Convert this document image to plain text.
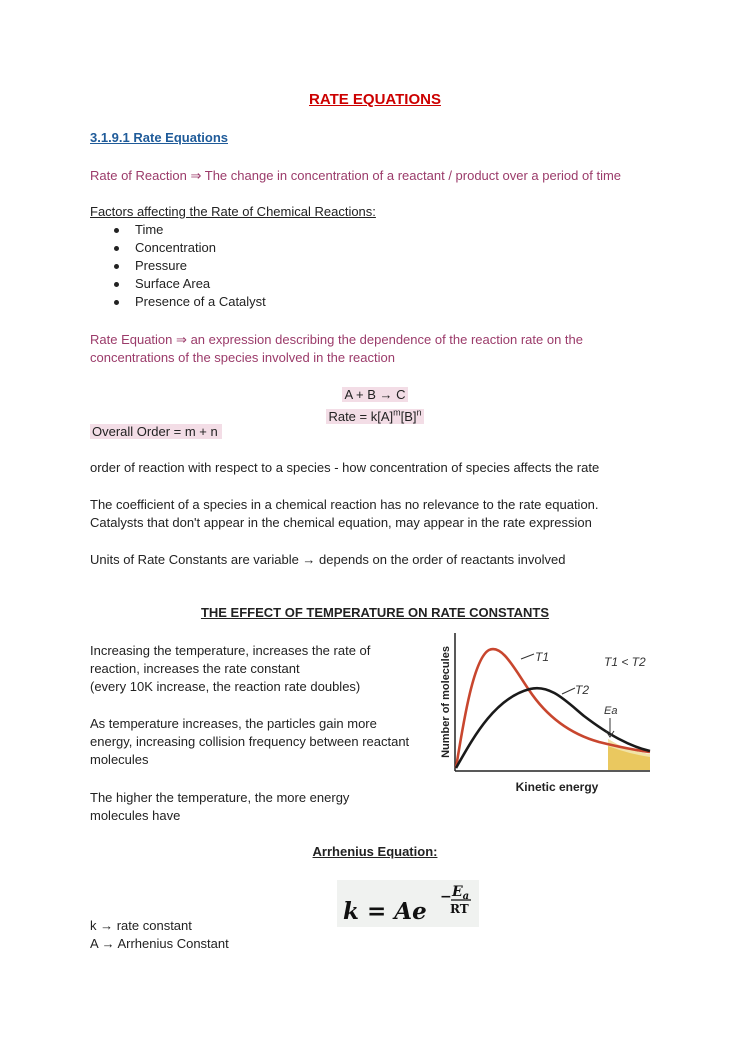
RATE EQUATIONS
3.1.9.1 Rate Equations
Rate of Reaction ⇒ The change in concentration of a reactant / product over a period of time
Factors affecting the Rate of Chemical Reactions:
Time
Concentration
Pressure
Surface Area
Presence of a Catalyst
Rate Equation ⇒ an expression describing the dependence of the reaction rate on the
concentrations of the species involved in the reaction
A + B → C
Rate = $k[A]^m[B]^n$
Overall Order = m + n
order of reaction with respect to a species - how concentration of species affects the rate
The coefficient of a species in a chemical reaction has no relevance to the rate equation.
Catalysts that don't appear in the chemical equation, may appear in the rate expression
Units of Rate Constants are variable → depends on the order of reactants involved
THE EFFECT OF TEMPERATURE ON RATE CONSTANTS
Increasing the temperature, increases the rate of
reaction, increases the rate constant
(every 10K increase, the reaction rate doubles)
As temperature increases, the particles gain more
energy, increasing collision frequency between reactant
molecules
The higher the temperature, the more energy
molecules have
T1
T2
T1 < T2
Ea
Number of molecules
Kinetic energy
Arrhenius Equation:
k = Ae
− $E_a$
RT
k → rate constant
A → Arrhenius Constant
